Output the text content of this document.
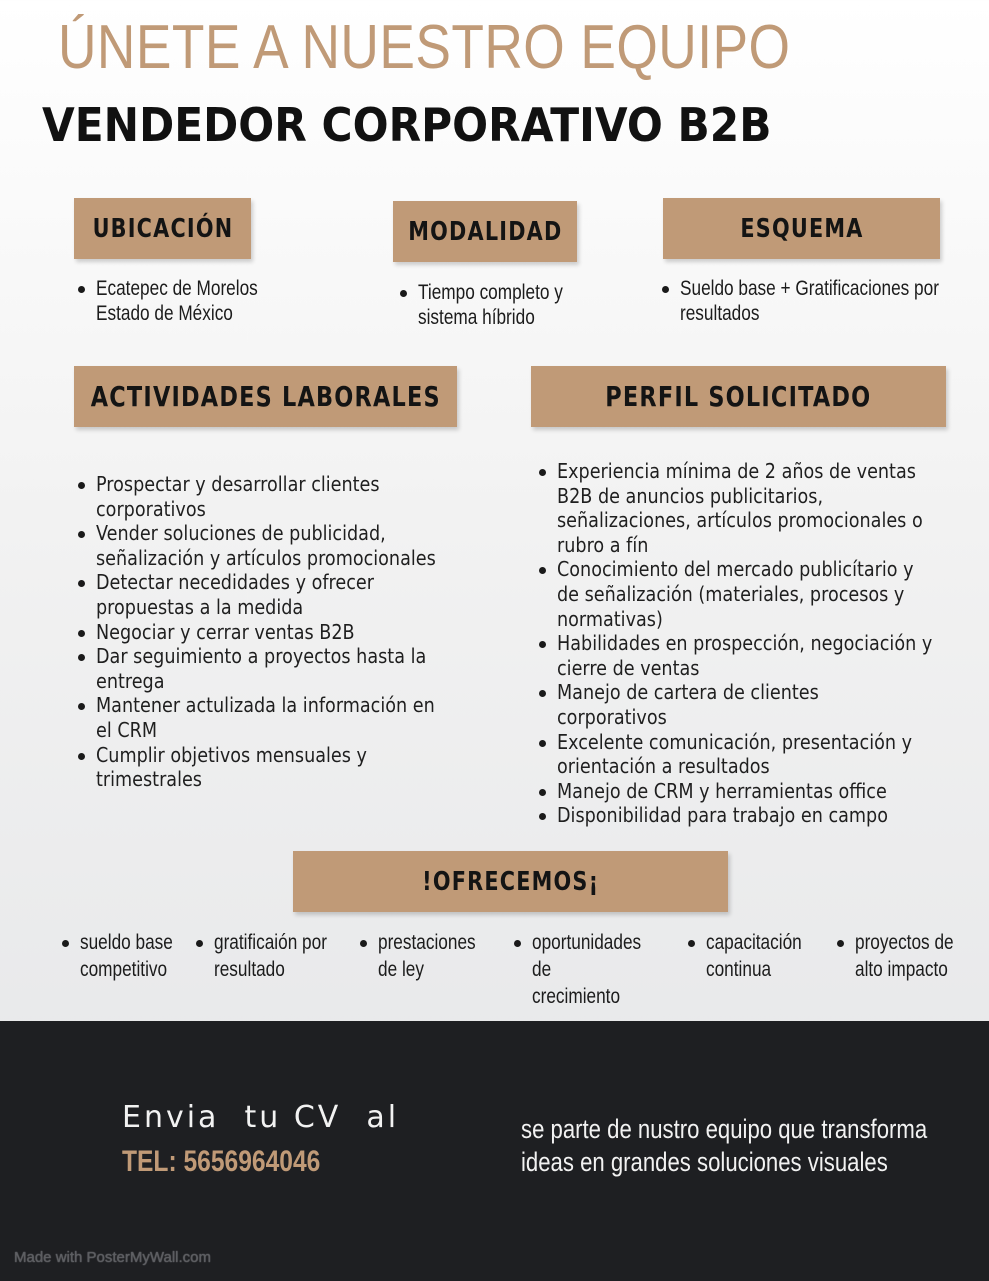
ÚNETE A NUESTRO EQUIPO
VENDEDOR CORPORATIVO B2B
UBICACIÓN	MODALIDAD	ESQUEMA
Ecatepec de Morelos
Estado de México
Tiempo completo y
sistema híbrido
Sueldo base + Gratificaciones por
resultados
ACTIVIDADES LABORALES	PERFIL SOLICITADO
Prospectar y desarrollar clientes
corporativos
Vender soluciones de publicidad,
señalización y artículos promocionales
Detectar necedidades y ofrecer
propuestas a la medida
Negociar y cerrar ventas B2B
Dar seguimiento a proyectos hasta la
entrega
Mantener actulizada la información en
el CRM
Cumplir objetivos mensuales y
trimestrales
Experiencia mínima de 2 años de ventas
B2B de anuncios publicitarios,
señalizaciones, artículos promocionales o
rubro a fín
Conocimiento del mercado publicítario y
de señalización (materiales, procesos y
normativas)
Habilidades en prospección, negociación y
cierre de ventas
Manejo de cartera de clientes
corporativos
Excelente comunicación, presentación y
orientación a resultados
Manejo de CRM y herramientas office
Disponibilidad para trabajo en campo
!OFRECEMOS¡
sueldo base
competitivo
gratificaión por
resultado
prestaciones
de ley
oportunidades
de
crecimiento
capacitación
continua
proyectos de
alto impacto
Envia  tu CV  al
TEL: 5656964046
se parte de nustro equipo que transforma
ideas en grandes soluciones visuales
Made with PosterMyWall.com
